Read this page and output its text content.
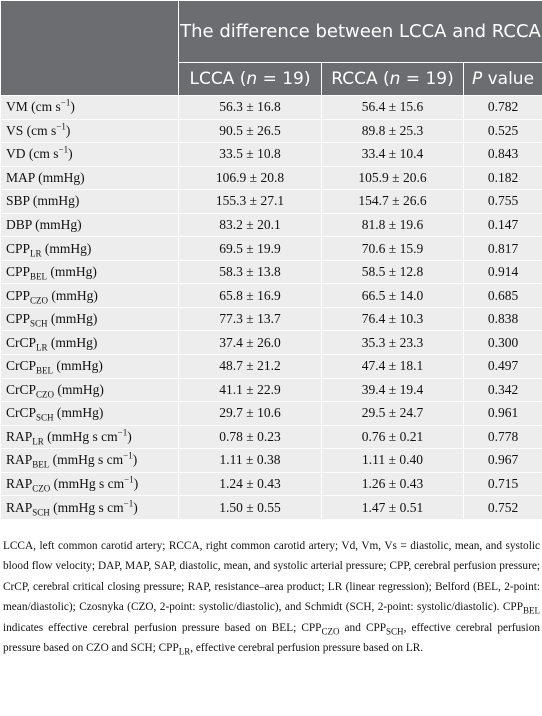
	The difference between LCCA and RCCA		
	LCCA (n = 19)	RCCA (n = 19)	P value
VM (cm $s^{-1}$)	56.3 ± 16.8	56.4 ± 15.6	0.782
VS (cm $s^{-1}$)	90.5 ± 26.5	89.8 ± 25.3	0.525
VD (cm $s^{-1}$)	33.5 ± 10.8	33.4 ± 10.4	0.843
MAP (mmHg)	106.9 ± 20.8	105.9 ± 20.6	0.182
SBP (mmHg)	155.3 ± 27.1	154.7 ± 26.6	0.755
DBP (mmHg)	83.2 ± 20.1	81.8 ± 19.6	0.147
$CPP_{LR}$ (mmHg)	69.5 ± 19.9	70.6 ± 15.9	0.817
$CPP_{BEL}$ (mmHg)	58.3 ± 13.8	58.5 ± 12.8	0.914
$CPP_{CZO}$ (mmHg)	65.8 ± 16.9	66.5 ± 14.0	0.685
$CPP_{SCH}$ (mmHg)	77.3 ± 13.7	76.4 ± 10.3	0.838
CrCP$_{LR}$ (mmHg)	37.4 ± 26.0	35.3 ± 23.3	0.300
CrCP$_{BEL}$ (mmHg)	48.7 ± 21.2	47.4 ± 18.1	0.497
CrCP$_{CZO}$ (mmHg)	41.1 ± 22.9	39.4 ± 19.4	0.342
CrCP$_{SCH}$ (mmHg)	29.7 ± 10.6	29.5 ± 24.7	0.961
$RAP_{LR}$ (mmHg s $cm^{-1}$)	0.78 ± 0.23	0.76 ± 0.21	0.778
$RAP_{BEL}$ (mmHg s $cm^{-1}$)	1.11 ± 0.38	1.11 ± 0.40	0.967
$RAP_{CZO}$ (mmHg s $cm^{-1}$)	1.24 ± 0.43	1.26 ± 0.43	0.715
$RAP_{SCH}$ (mmHg s $cm^{-1}$)	1.50 ± 0.55	1.47 ± 0.51	0.752
LCCA, left common carotid artery; RCCA, right common carotid artery; Vd, Vm, Vs = diastolic, mean, and systolic blood flow velocity; DAP, MAP, SAP, diastolic, mean, and systolic arterial pressure; CPP, cerebral perfusion pressure; CrCP, cerebral critical closing pressure; RAP, resistance–area product; LR (linear regression); Belford (BEL, 2-point: mean/diastolic); Czosnyka (CZO, 2-point: systolic/diastolic), and Schmidt (SCH, 2-point: systolic/diastolic). $CPP_{BEL}$ indicates effective cerebral perfusion pressure based on BEL; $CPP_{CZO}$ and $CPP_{SCH}$, effective cerebral perfusion pressure based on CZO and SCH; $CPP_{LR}$, effective cerebral perfusion pressure based on LR.
